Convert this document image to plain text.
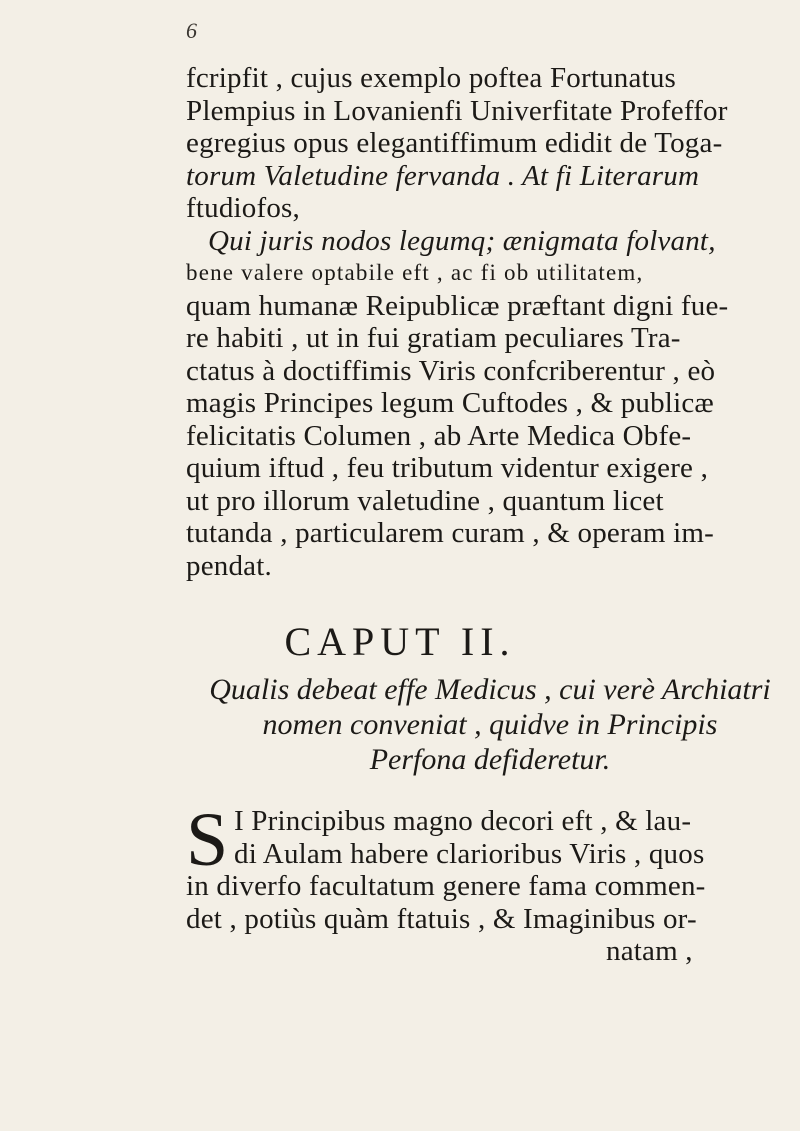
6
fcripfit , cujus exemplo poftea Fortunatus
Plempius in Lovanienfi Univerfitate Profeffor
egregius opus elegantiffimum edidit de Toga-
torum Valetudine fervanda . At fi Literarum
ftudiofos,
Qui juris nodos legumq; ænigmata folvant,
bene valere optabile eft , ac fi ob utilitatem,
quam humanæ Reipublicæ præftant digni fue-
re habiti , ut in fui gratiam peculiares Tra-
ctatus à doctiffimis Viris confcriberentur , eò
magis Principes legum Cuftodes , & publicæ
felicitatis Columen , ab Arte Medica Obfe-
quium iftud , feu tributum videntur exigere ,
ut pro illorum valetudine , quantum licet
tutanda , particularem curam , & operam im-
pendat.
CAPUT II.
Qualis debeat effe Medicus , cui verè Archiatri
nomen conveniat , quidve in Principis
Perfona defideretur.
S I Principibus magno decori eft , & lau-
di Aulam habere clarioribus Viris , quos
in diverfo facultatum genere fama commen-
det , potiùs quàm ftatuis , & Imaginibus or-
natam ,
